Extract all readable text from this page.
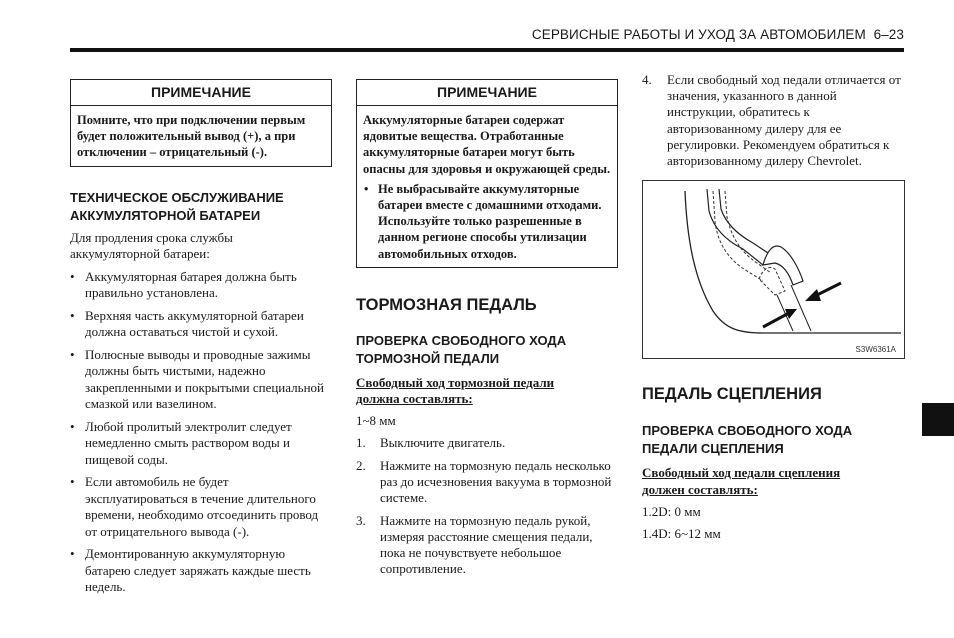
СЕРВИСНЫЕ РАБОТЫ И УХОД ЗА АВТОМОБИЛЕМ 6–23
ПРИМЕЧАНИЕ
Помните, что при подключении первым будет положительный вывод (+), а при отключении – отрицательный (-).
ТЕХНИЧЕСКОЕ ОБСЛУЖИВАНИЕ
АККУМУЛЯТОРНОЙ БАТАРЕИ

Для продления срока службы аккумуляторной батареи:

• Аккумуляторная батарея должна быть правильно установлена.
• Верхняя часть аккумуляторной батареи должна оставаться чистой и сухой.
• Полюсные выводы и проводные зажимы должны быть чистыми, надежно закрепленными и покрытыми специальной смазкой или вазелином.
• Любой пролитый электролит следует немедленно смыть раствором воды и пищевой соды.
• Если автомобиль не будет эксплуатироваться в течение длительного времени, необходимо отсоединить провод от отрицательного вывода (-).
• Демонтированную аккумуляторную батарею следует заряжать каждые шесть недель.
ПРИМЕЧАНИЕ
Аккумуляторные батареи содержат ядовитые вещества. Отработанные аккумуляторные батареи могут быть опасны для здоровья и окружающей среды.
• Не выбрасывайте аккумуляторные батареи вместе с домашними отходами. Используйте только разрешенные в данном регионе способы утилизации автомобильных отходов.
ТОРМОЗНАЯ ПЕДАЛЬ
ПРОВЕРКА СВОБОДНОГО ХОДА
ТОРМОЗНОЙ ПЕДАЛИ
Свободный ход тормозной педали должна составлять:

1~8 мм

1. Выключите двигатель.
2. Нажмите на тормозную педаль несколько раз до исчезновения вакуума в тормозной системе.
3. Нажмите на тормозную педаль рукой, измеряя расстояние смещения педали, пока не почувствуете небольшое сопротивление.
4. Если свободный ход педали отличается от значения, указанного в данной инструкции, обратитесь к авторизованному дилеру для ее регулировки. Рекомендуем обратиться к авторизованному дилеру Chevrolet.
S3W6361A
ПЕДАЛЬ СЦЕПЛЕНИЯ
ПРОВЕРКА СВОБОДНОГО ХОДА
ПЕДАЛИ СЦЕПЛЕНИЯ
Свободный ход педали сцепления должен составлять:

1.2D: 0 мм

1.4D: 6~12 мм
